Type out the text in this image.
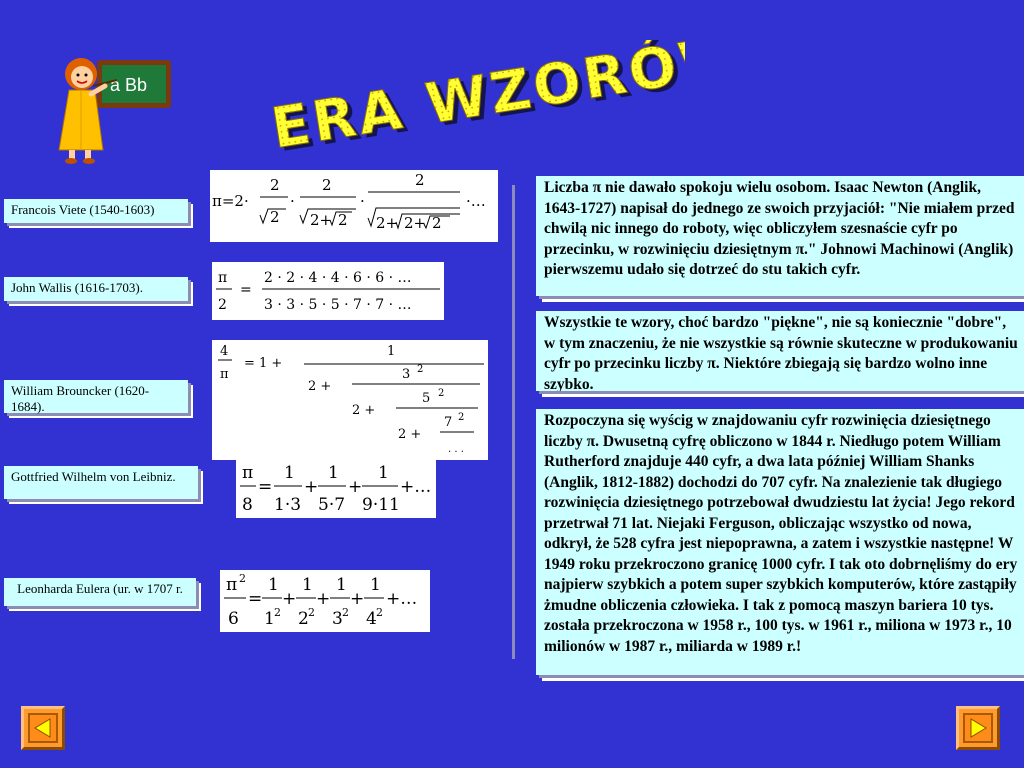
a Bb ERA WZORÓW
ERA WZORÓW
Francois Viete (1540-1603)
John Wallis (1616-1703).
William Brouncker (1620-1684).
Gottfried Wilhelm von Leibniz.
Leonharda Eulera (ur. w 1707 r.
π=2·
2
2
·
2
2+ 2
·
2
2+ 2+ 2
·…
π
2
=
2 · 2 · 4 · 4 · 6 · 6 · …
3 · 3 · 5 · 5 · 7 · 7 · …
4
π
= 1 +
1
2 +
3 2
2 +
5 2
2 +
7 2
. . .
π
8
=
1
1·3
+
1
5·7
+
1
9·11
+…
π 2
6
=
1
1 2
+
1
2 2
+
1
3 2
+
1
4 2
+…
Liczba π nie dawało spokoju wielu osobom. Isaac Newton (Anglik, 1643-1727) napisał do jednego ze swoich przyjaciół: "Nie miałem przed chwilą nic innego do roboty, więc obliczyłem szesnaście cyfr po przecinku, w rozwinięciu dziesiętnym π." Johnowi Machinowi (Anglik) pierwszemu udało się dotrzeć do stu takich cyfr.
Wszystkie te wzory, choć bardzo "piękne", nie są koniecznie "dobre", w tym znaczeniu, że nie wszystkie są równie skuteczne w produkowaniu cyfr po przecinku liczby π. Niektóre zbiegają się bardzo wolno inne szybko.
Rozpoczyna się wyścig w znajdowaniu cyfr rozwinięcia dziesiętnego liczby π. Dwusetną cyfrę obliczono w 1844 r. Niedługo potem William Rutherford znajduje 440 cyfr, a dwa lata później William Shanks (Anglik, 1812-1882) dochodzi do 707 cyfr. Na znalezienie tak długiego rozwinięcia dziesiętnego potrzebował dwudziestu lat życia! Jego rekord przetrwał 71 lat. Niejaki Ferguson, obliczając wszystko od nowa, odkrył, że 528 cyfra jest niepoprawna, a zatem i wszystkie następne! W 1949 roku przekroczono granicę 1000 cyfr. I tak oto dobrnęliśmy do ery najpierw szybkich a potem super szybkich komputerów, które zastąpiły żmudne obliczenia człowieka. I tak z pomocą maszyn bariera 10 tys. została przekroczona w 1958 r., 100 tys. w 1961 r., miliona w 1973 r., 10 milionów w 1987 r., miliarda w 1989 r.!
